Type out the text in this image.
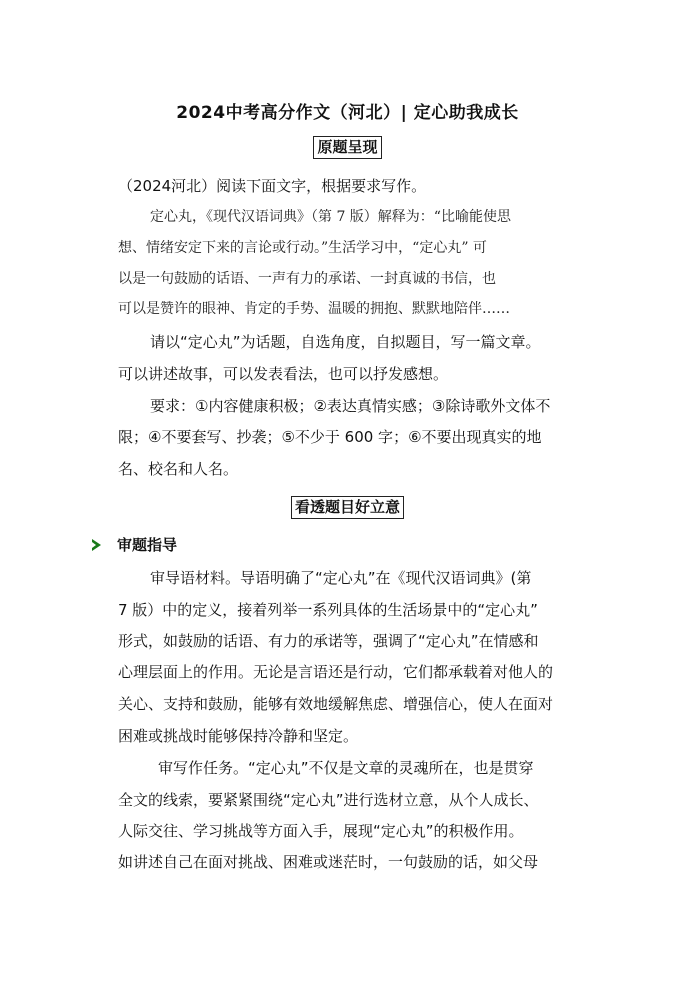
2024中考高分作文（河北）| 定心助我成长
原题呈现
（2024河北）阅读下面文字，根据要求写作。
定心丸，《现代汉语词典》（第 7 版）解释为：“比喻能使思
想、情绪安定下来的言论或行动。”生活学习中，“定心丸” 可
以是一句鼓励的话语、一声有力的承诺、一封真诚的书信，也
可以是赞许的眼神、肯定的手势、温暖的拥抱、默默地陪伴……
请以“定心丸”为话题，自选角度，自拟题目，写一篇文章。
可以讲述故事，可以发表看法，也可以抒发感想。
要求：①内容健康积极；②表达真情实感；③除诗歌外文体不
限；④不要套写、抄袭；⑤不少于 600 字；⑥不要出现真实的地
名、校名和人名。
看透题目好立意
审题指导
审导语材料。导语明确了“定心丸”在《现代汉语词典》(第
7 版）中的定义，接着列举一系列具体的生活场景中的“定心丸”
形式，如鼓励的话语、有力的承诺等，强调了“定心丸”在情感和
心理层面上的作用。无论是言语还是行动，它们都承载着对他人的
关心、支持和鼓励，能够有效地缓解焦虑、增强信心，使人在面对
困难或挑战时能够保持冷静和坚定。
审写作任务。“定心丸”不仅是文章的灵魂所在，也是贯穿
全文的线索，要紧紧围绕“定心丸”进行选材立意，从个人成长、
人际交往、学习挑战等方面入手，展现“定心丸”的积极作用。
如讲述自己在面对挑战、困难或迷茫时，一句鼓励的话，如父母
